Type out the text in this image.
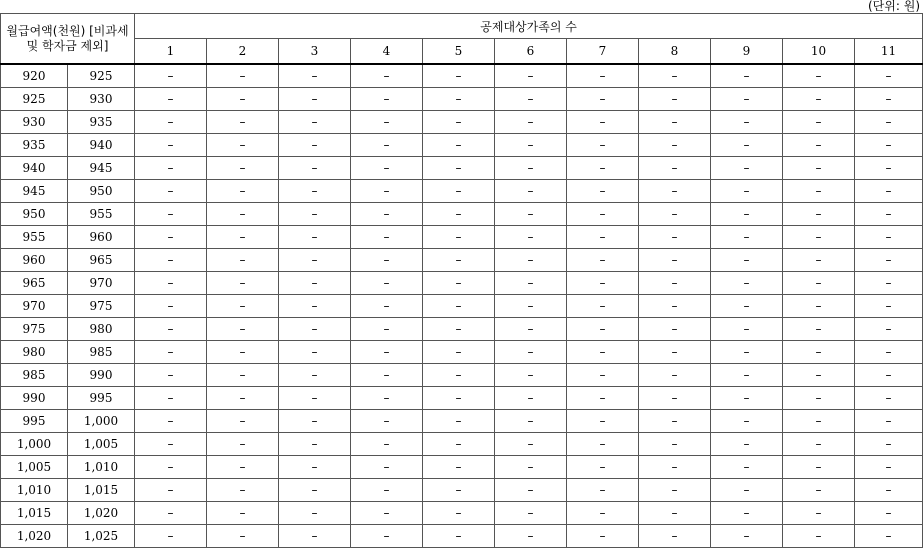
(단위: 원)
월급여액(천원) [비과세 및 학자금 제외]		공제대상가족의 수										
		1	2	3	4	5	6	7	8	9	10	11
920	925	–	–	–	–	–	–	–	–	–	–	–
925	930	–	–	–	–	–	–	–	–	–	–	–
930	935	–	–	–	–	–	–	–	–	–	–	–
935	940	–	–	–	–	–	–	–	–	–	–	–
940	945	–	–	–	–	–	–	–	–	–	–	–
945	950	–	–	–	–	–	–	–	–	–	–	–
950	955	–	–	–	–	–	–	–	–	–	–	–
955	960	–	–	–	–	–	–	–	–	–	–	–
960	965	–	–	–	–	–	–	–	–	–	–	–
965	970	–	–	–	–	–	–	–	–	–	–	–
970	975	–	–	–	–	–	–	–	–	–	–	–
975	980	–	–	–	–	–	–	–	–	–	–	–
980	985	–	–	–	–	–	–	–	–	–	–	–
985	990	–	–	–	–	–	–	–	–	–	–	–
990	995	–	–	–	–	–	–	–	–	–	–	–
995	1,000	–	–	–	–	–	–	–	–	–	–	–
1,000	1,005	–	–	–	–	–	–	–	–	–	–	–
1,005	1,010	–	–	–	–	–	–	–	–	–	–	–
1,010	1,015	–	–	–	–	–	–	–	–	–	–	–
1,015	1,020	–	–	–	–	–	–	–	–	–	–	–
1,020	1,025	–	–	–	–	–	–	–	–	–	–	–
